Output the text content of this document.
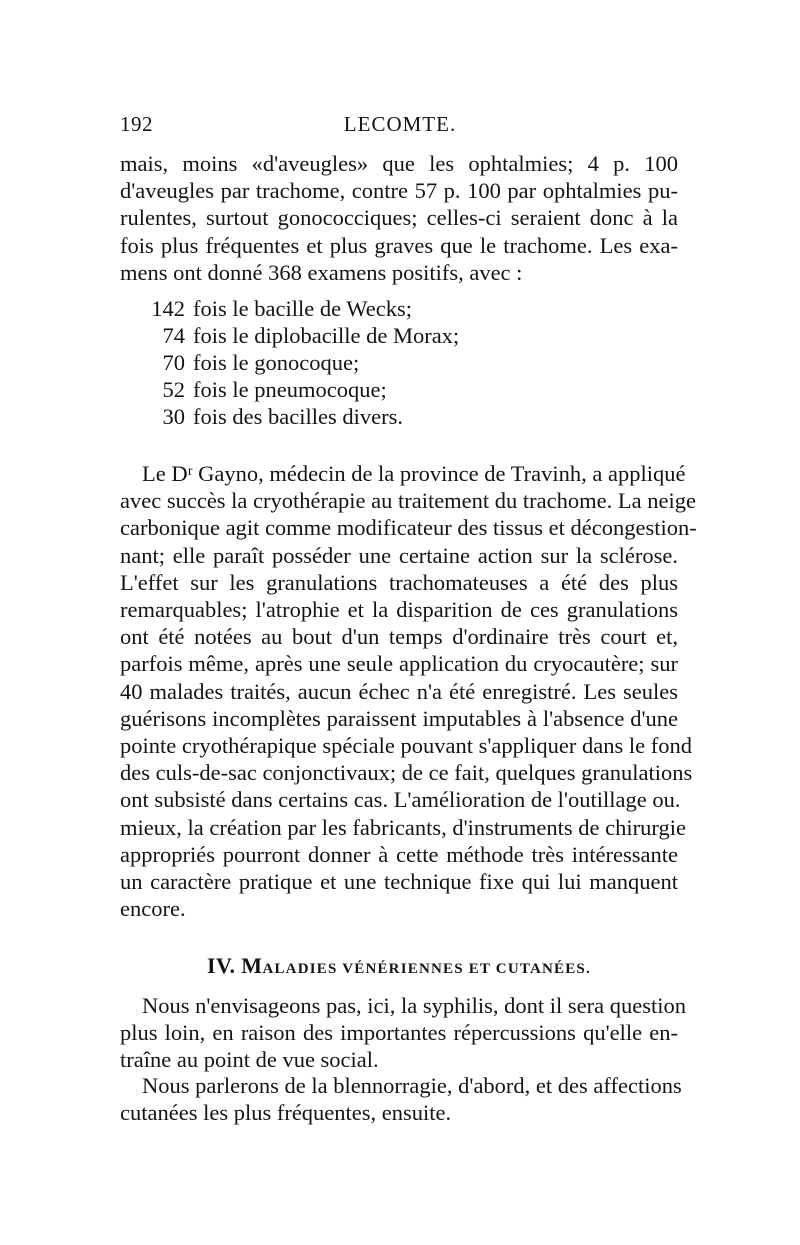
192	LECOMTE.
mais, moins «d'aveugles» que les ophtalmies; 4 p. 100
d'aveugles par trachome, contre 57 p. 100 par ophtalmies pu-
rulentes, surtout gonococciques; celles-ci seraient donc à la
fois plus fréquentes et plus graves que le trachome. Les exa-
mens ont donné 368 examens positifs, avec :
142 fois le bacille de Wecks;
74 fois le diplobacille de Morax;
70 fois le gonocoque;
52 fois le pneumocoque;
30 fois des bacilles divers.
Le Dʳ Gayno, médecin de la province de Travinh, a appliqué
avec succès la cryothérapie au traitement du trachome. La neige
carbonique agit comme modificateur des tissus et décongestion-
nant; elle paraît posséder une certaine action sur la sclérose.
L'effet sur les granulations trachomateuses a été des plus
remarquables; l'atrophie et la disparition de ces granulations
ont été notées au bout d'un temps d'ordinaire très court et,
parfois même, après une seule application du cryocautère; sur
40 malades traités, aucun échec n'a été enregistré. Les seules
guérisons incomplètes paraissent imputables à l'absence d'une
pointe cryothérapique spéciale pouvant s'appliquer dans le fond
des culs-de-sac conjonctivaux; de ce fait, quelques granulations
ont subsisté dans certains cas. L'amélioration de l'outillage ou.
mieux, la création par les fabricants, d'instruments de chirurgie
appropriés pourront donner à cette méthode très intéressante
un caractère pratique et une technique fixe qui lui manquent
encore.
IV. MALADIES VÉNÉRIENNES ET CUTANÉES.
Nous n'envisageons pas, ici, la syphilis, dont il sera question
plus loin, en raison des importantes répercussions qu'elle en-
traîne au point de vue social.
Nous parlerons de la blennorragie, d'abord, et des affections
cutanées les plus fréquentes, ensuite.
